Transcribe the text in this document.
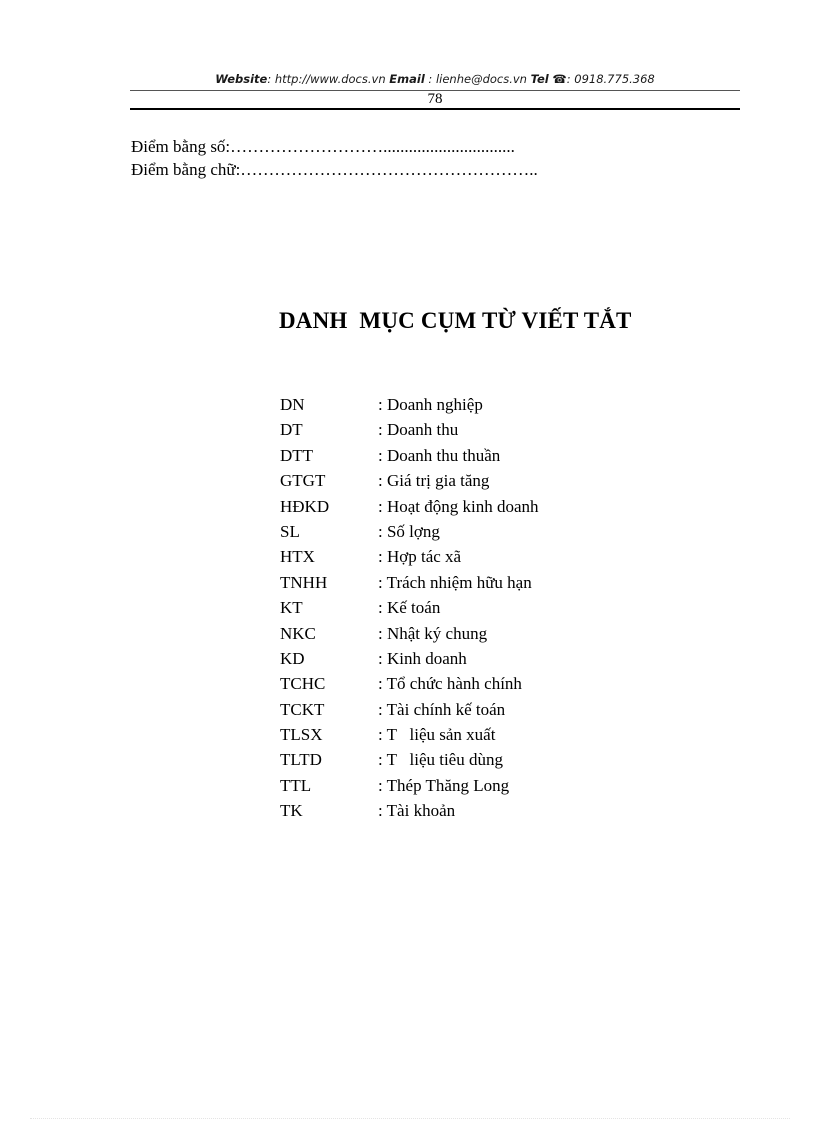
Website: http://www.docs.vn Email : lienhe@docs.vn Tel ☎: 0918.775.368
78
Điểm bằng số:………………………...............................
Điểm bằng chữ:……………………………………………..
DANH  MỤC CỤM TỪ VIẾT TẮT
DN	: Doanh nghiệp
DT	: Doanh thu
DTT	: Doanh thu thuần
GTGT	: Giá trị gia tăng
HĐKD	: Hoạt động kinh doanh
SL	: Số lợng
HTX	: Hợp tác xã
TNHH	: Trách nhiệm hữu hạn
KT	: Kế toán
NKC	: Nhật ký chung
KD	: Kinh doanh
TCHC	: Tổ chức hành chính
TCKT	: Tài chính kế toán
TLSX	: T   liệu sản xuất
TLTD	: T   liệu tiêu dùng
TTL	: Thép Thăng Long
TK	: Tài khoản
